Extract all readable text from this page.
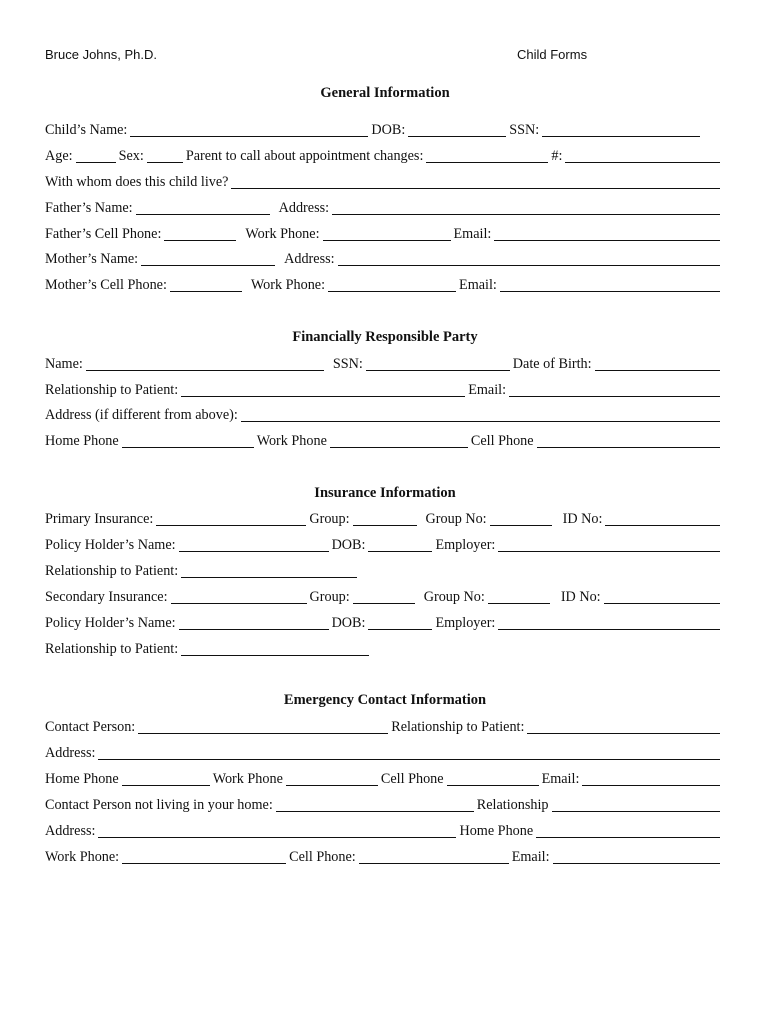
Bruce Johns, Ph.D.	Child Forms
General Information
Child’s Name:	DOB:	SSN:
Age:	Sex:	Parent to call about appointment changes:	#:
With whom does this child live?
Father’s Name:	Address:
Father’s Cell Phone:	Work Phone:	Email:
Mother’s Name:	Address:
Mother’s Cell Phone:	Work Phone:	Email:
Financially Responsible Party
Name:	SSN:	Date of Birth:
Relationship to Patient:	Email:
Address (if different from above):
Home Phone	Work Phone	Cell Phone
Insurance Information
Primary Insurance:	Group:	Group No:	ID No:
Policy Holder’s Name:	DOB:	Employer:
Relationship to Patient:
Secondary Insurance:	Group:	Group No:	ID No:
Policy Holder’s Name:	DOB:	Employer:
Relationship to Patient:
Emergency Contact Information
Contact Person:	Relationship to Patient:
Address:
Home Phone	Work Phone	Cell Phone	Email:
Contact Person not living in your home:	Relationship
Address:	Home Phone
Work Phone:	Cell Phone:	Email:
